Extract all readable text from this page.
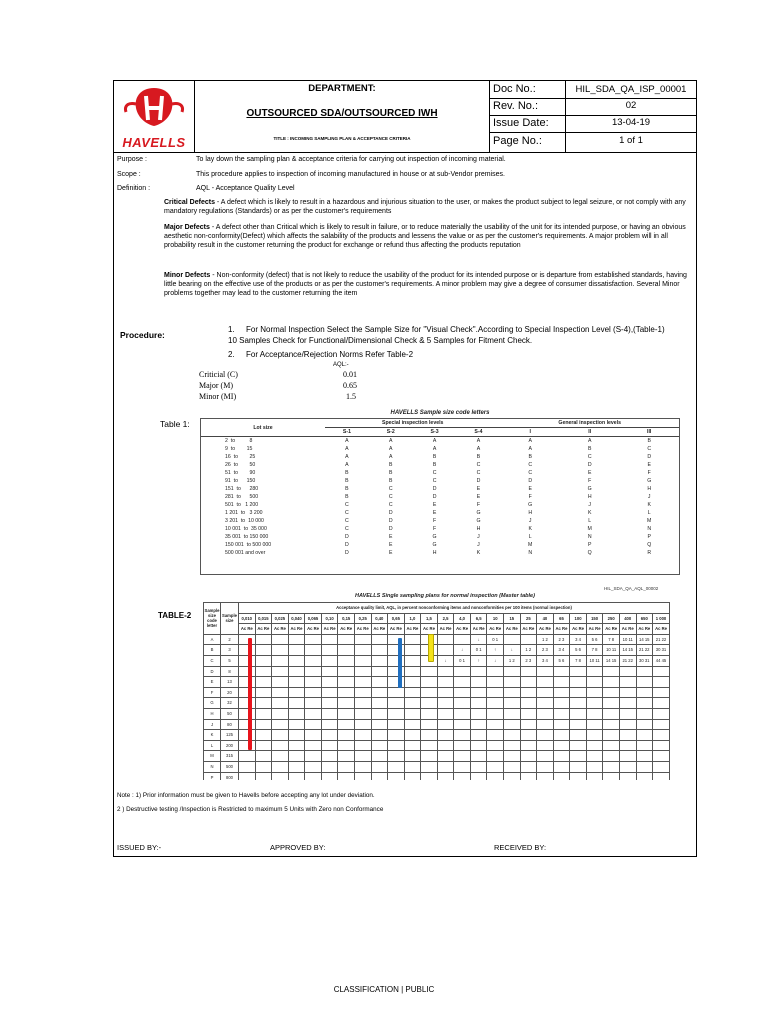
HAVELLS
DEPARTMENT:
OUTSOURCED SDA/OUTSOURCED IWH
TITLE : INCOMING SAMPLING PLAN & ACCEPTANCE CRITERIA
Doc No.:	HIL_SDA_QA_ISP_00001
Rev. No.:	02
Issue Date:	13-04-19
Page No.:	1 of 1
Purpose :	To lay down the sampling plan & acceptance criteria for carrying out inspection of incoming material.
Scope :	This procedure applies to inspection of incoming manufactured in house or at sub-Vendor premises.
Definition :	AQL - Acceptance Quality Level
Critical Defects - A defect which is likely to result in a hazardous and injurious situation to the user, or makes the product subject to legal seizure, or not comply with any mandatory regulations (Standards) or as per the customer's requirements
Major Defects - A defect other than Critical which is likely to result in failure, or to reduce materially the usability of the unit for its intended purpose, or having an obvious aesthetic non-conformity(Defect) which affects the salability of the products and lessens the value or as per the customer's requirements. A major problem will in all probability result in the customer returning the product for exchange or refund thus affecting the products reputation
Minor Defects - Non-conformity (defect) that is not likely to reduce the usability of the product for its intended purpose or is departure from established standards, having little bearing on the effective use of the products or as per the customer's requirements. A minor problem may give a degree of consumer dissatisfaction. Several Minor problems together may lead to the customer returning the item
Procedure:
1. For Normal Inspection Select the Sample Size for "Visual Check".According to Special Inspection Level (S-4),(Table-1)
10 Samples Check for Functional/Dimensional Check & 5 Samples for Fitment Check.
2. For Acceptance/Rejection Norms Refer Table-2
AQL:-
Criticial (C)	0.01
Major (M)	0.65
Minor (MI)	1.5
Table 1:
HAVELLS Sample size code letters
Lot size	Special inspection levels				General inspection levels		
	S-1	S-2	S-3	S-4	I	II	III
2  to          8	A	A	A	A	A	A	B
9  to        15	A	A	A	A	A	B	C
16  to        25	A	A	B	B	B	C	D
26  to        50	A	B	B	C	C	D	E
51  to        90	B	B	C	C	C	E	F
91  to      150	B	B	C	D	D	F	G
151  to      280	B	C	D	E	E	G	H
281  to      500	B	C	D	E	F	H	J
501  to   1 200	C	C	E	F	G	J	K
1 201  to   3 200	C	D	E	G	H	K	L
3 201  to  10 000	C	D	F	G	J	L	M
10 001  to  35 000	C	D	F	H	K	M	N
35 001  to 150 000	D	E	G	J	L	N	P
150 001  to 500 000	D	E	G	J	M	P	Q
500 001 and over	D	E	H	K	N	Q	R
HIL_SDA_QA_AQL_00002
TABLE-2
HAVELLS Single sampling plans for normal inspection (Master table)
Sample size code letter	Sample size	Acceptance quality limit, AQL, in percent nonconforming items and nonconformities per 100 items (normal inspection)																									
		0,010	0,015	0,025	0,040	0,065	0,10	0,15	0,25	0,40	0,65	1,0	1,5	2,5	4,0	6,5	10	15	25	40	65	100	150	250	400	650	1 000
		Ac Re	Ac Re	Ac Re	Ac Re	Ac Re	Ac Re	Ac Re	Ac Re	Ac Re	Ac Re	Ac Re	Ac Re	Ac Re	Ac Re	Ac Re	Ac Re	Ac Re	Ac Re	Ac Re	Ac Re	Ac Re	Ac Re	Ac Re	Ac Re	Ac Re	Ac Re
A	2															↓	0 1			1 2	2 3	3 4	5 6	7 8	10 11	14 15	21 22
B	3														↓	0 1	↑	↓	1 2	2 3	3 4	5 6	7 8	10 11	14 15	21 22	30 31
C	5													↓	0 1	↑	↓	1 2	2 3	3 4	5 6	7 8	10 11	14 15	21 22	30 31	44 45
D	8																										
E	13																										
F	20																										
G	32																										
H	50																										
J	80																										
K	125																										
L	200																										
M	315																										
N	500																										
P	800																										

Note : 1) Prior information must be given to Havells before accepting any lot under deviation.
2 ) Destructive testing /Inspection is Restricted to maximum 5 Units with Zero non Conformance
ISSUED BY:-	APPROVED BY:	RECEIVED BY:
CLASSIFICATION | PUBLIC
